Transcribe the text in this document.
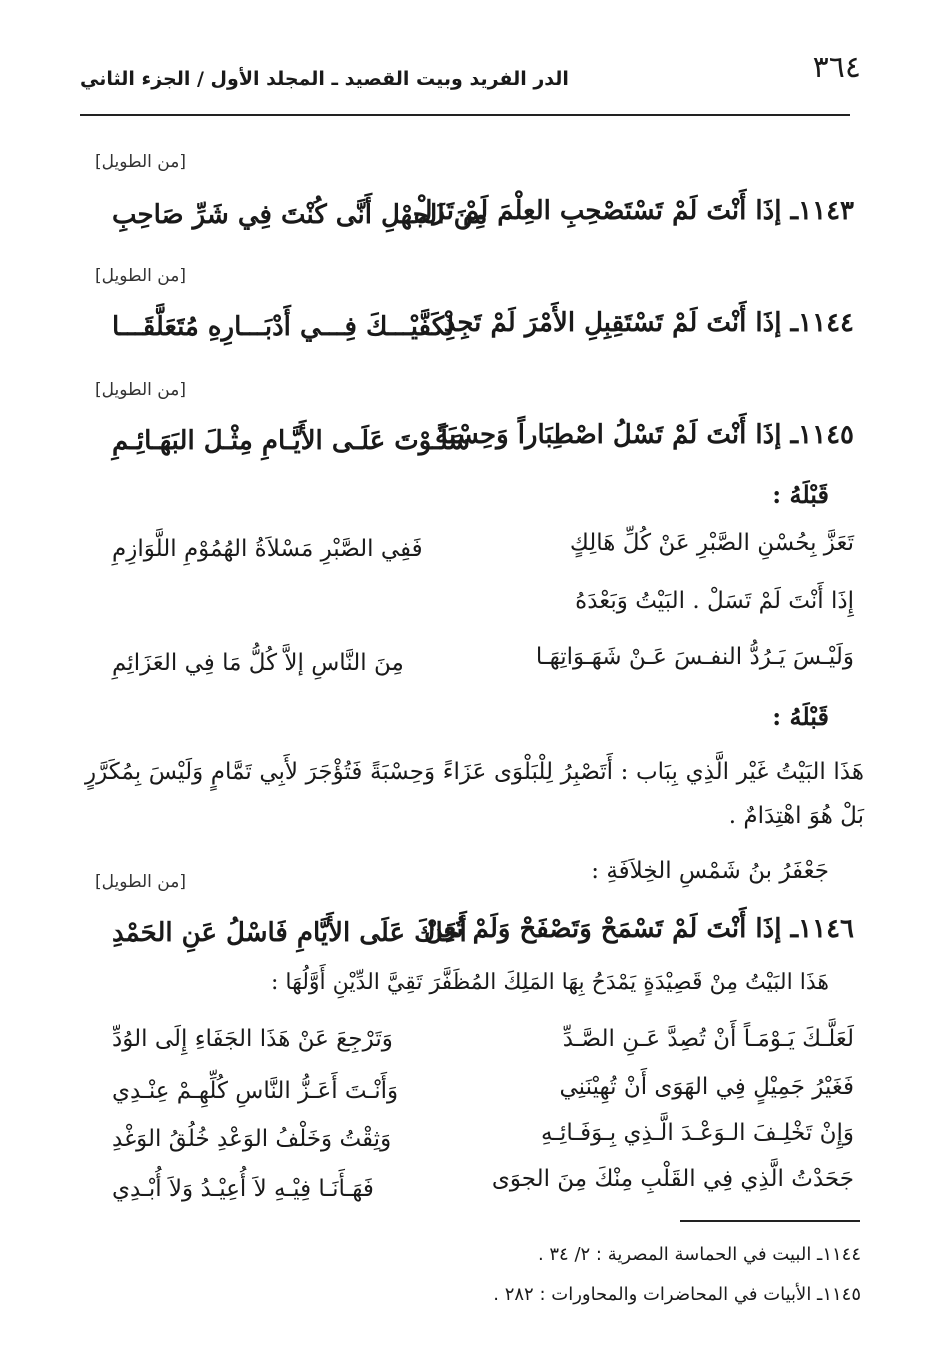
٣٦٤
الدر الفريد وبيت القصيد ـ المجلد الأول / الجزء الثاني
[من الطويل]
١١٤٣ـ إذَا أَنْتَ لَمْ تَسْتَصْحِبِ العِلْمَ لَمْ تَزَلْ
مِنَ الجهْلِ أَنَّى كُنْتَ فِي شَرِّ صَاحِبِ
[من الطويل]
١١٤٤ـ إذَا أَنْتَ لَمْ تَسْتَقِبِلِ الأَمْرَ لَمْ تَجِدْ
لِكَفَّيْـــكَ فِـــي أَدْبَـــارِهِ مُتَعَلَّقَـــا
[من الطويل]
١١٤٥ـ إذَا أَنْتَ لَمْ تَسْلُ اصْطِبَاراً وَحِسْبَةً
سَلَـوْتَ عَلَـى الأَيَّـامِ مِثْـلَ البَهَـائِـمِ
قَبْلَهُ :
تَعَزَّ بِحُسْنِ الصَّبْرِ عَنْ كُلِّ هَالِكٍ
فَفِي الصَّبْرِ مَسْلاَةُ الهُمُوْمِ اللَّوَازِمِ
إِذَا أَنْتَ لَمْ تَسَلْ . البَيْتُ وَبَعْدَهُ
وَلَيْـسَ يَـرُدُّ النفـسَ عَـنْ شَهَـوَاتِهَـا
مِنَ النَّاسِ إلاَّ كُلُّ مَا فِي العَزَائِمِ
قَبْلَهُ :
هَذَا البَيْتُ غَيْر الَّذِي بِبَاب : أَتَصْبِرُ لِلْبَلْوَى عَزَاءً وَحِسْبَةً فَتُؤْجَرَ لأَبِي تَمَّامٍ وَلَيْسَ بِمُكَرَّرٍ بَلْ هُوَ اهْتِدَامٌ .
جَعْفَرُ بنُ شَمْسِ الخِلاَفَةِ :
[من الطويل]
١١٤٦ـ إذَا أَنْتَ لَمْ تَسْمَحْ وَتَصْفَحْ وَلَمْ تُعِنْ
أَخَاكَ عَلَى الأَيَّامِ فَاسْلُ عَنِ الحَمْدِ
هَذَا البَيْتُ مِنْ قَصِيْدَةٍ يَمْدَحُ بِهَا المَلِكَ المُظَفَّرَ تَقِيَّ الدِّيْنِ أَوَّلُهَا :
لَعَلَّـكَ يَـوْمَـاً أَنْ تُصِدَّ عَـنِ الصَّـدِّ
وَتَرْجِعَ عَنْ هَذَا الجَفَاءِ إِلَى الوُدِّ
فَغَيْرُ جَمِيْلٍ فِي الهَوَى أَنْ تُهِيْنَنِي
وَأَنْـتَ أَعَـزُّ النَّاسِ كُلِّهِـمْ عِنْـدِي
وَإِنْ تَخْلِـفَ الـوَعْـدَ الَّـذِي بِـوَفَـائِـهِ
وَثِقْتُ وَخَلْفُ الوَعْدِ خُلُقُ الوَغْدِ
جَحَدْتُ الَّذِي فِي القَلْبِ مِنْكَ مِنَ الجوَى
فَهَـأَنَـا فِيْـهِ لاَ أُعِيْـدُ وَلاَ أُبْـدِي
١١٤٤ـ البيت في الحماسة المصرية : ٢/ ٣٤ .
١١٤٥ـ الأبيات في المحاضرات والمحاورات : ٢٨٢ .
